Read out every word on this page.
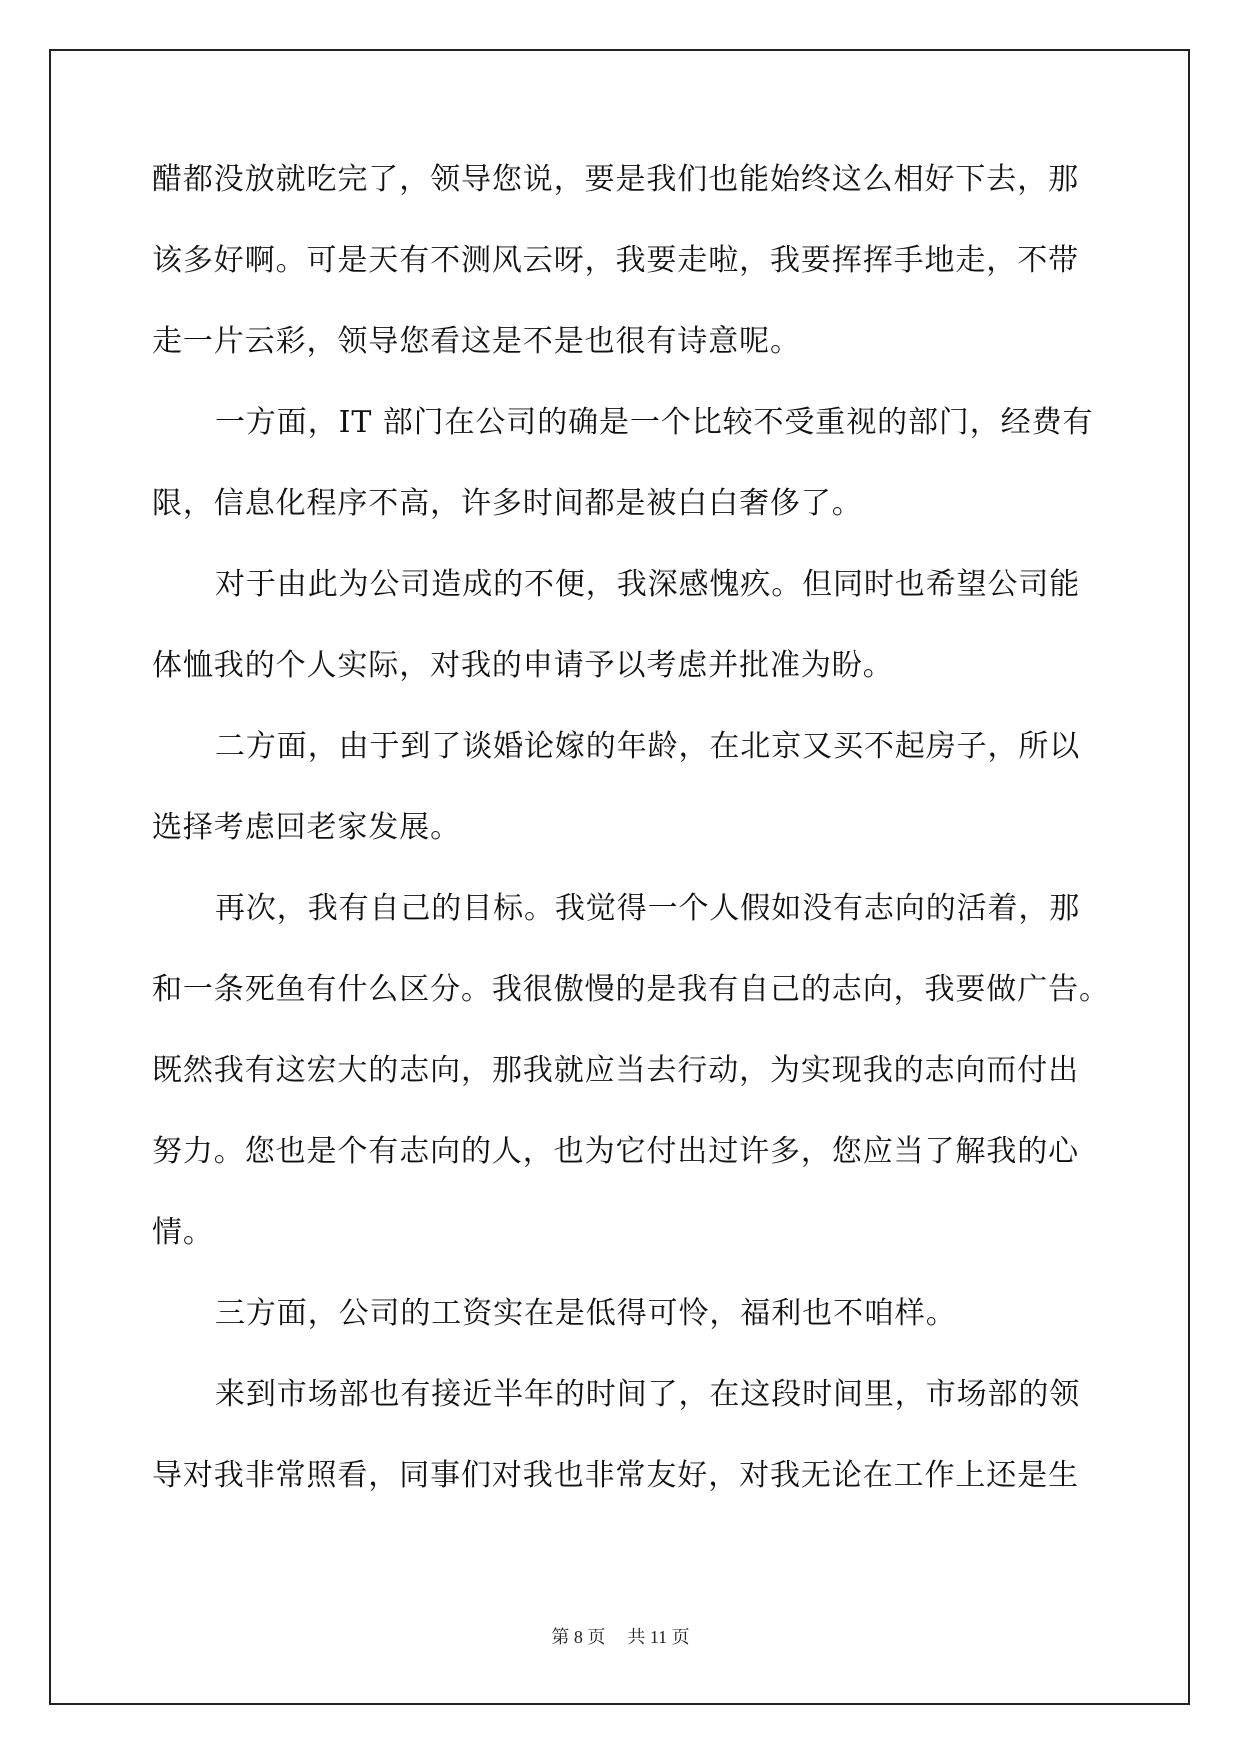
醋都没放就吃完了，领导您说，要是我们也能始终这么相好下去，那
该多好啊。可是天有不测风云呀，我要走啦，我要挥挥手地走，不带
走一片云彩，领导您看这是不是也很有诗意呢。
一方面，IT 部门在公司的确是一个比较不受重视的部门，经费有
限，信息化程序不高，许多时间都是被白白奢侈了。
对于由此为公司造成的不便，我深感愧疚。但同时也希望公司能
体恤我的个人实际，对我的申请予以考虑并批准为盼。
二方面，由于到了谈婚论嫁的年龄，在北京又买不起房子，所以
选择考虑回老家发展。
再次，我有自己的目标。我觉得一个人假如没有志向的活着，那
和一条死鱼有什么区分。我很傲慢的是我有自己的志向，我要做广告。
既然我有这宏大的志向，那我就应当去行动，为实现我的志向而付出
努力。您也是个有志向的人，也为它付出过许多，您应当了解我的心
情。
三方面，公司的工资实在是低得可怜，福利也不咱样。
来到市场部也有接近半年的时间了，在这段时间里，市场部的领
导对我非常照看，同事们对我也非常友好，对我无论在工作上还是生
第 8 页 共 11 页
